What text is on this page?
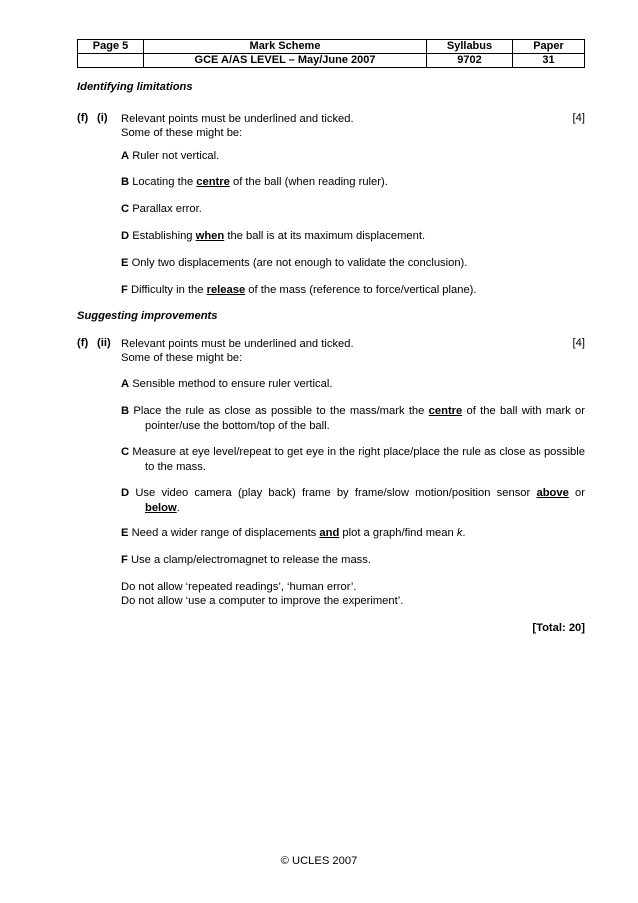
Page 5	Mark Scheme	Syllabus	Paper
	GCE A/AS LEVEL – May/June 2007	9702	31
Identifying limitations
(f) (i) Relevant points must be underlined and ticked.
Some of these might be:
[4]
A Ruler not vertical.
B Locating the centre of the ball (when reading ruler).
C Parallax error.
D Establishing when the ball is at its maximum displacement.
E Only two displacements (are not enough to validate the conclusion).
F Difficulty in the release of the mass (reference to force/vertical plane).
Suggesting improvements
(f) (ii) Relevant points must be underlined and ticked.
Some of these might be:
[4]
A Sensible method to ensure ruler vertical.
B Place the rule as close as possible to the mass/mark the centre of the ball with mark or pointer/use the bottom/top of the ball.
C Measure at eye level/repeat to get eye in the right place/place the rule as close as possible to the mass.
D Use video camera (play back) frame by frame/slow motion/position sensor above or below.
E Need a wider range of displacements and plot a graph/find mean k.
F Use a clamp/electromagnet to release the mass.
Do not allow ‘repeated readings’, ‘human error’.
Do not allow ‘use a computer to improve the experiment’.
[Total: 20]
© UCLES 2007
